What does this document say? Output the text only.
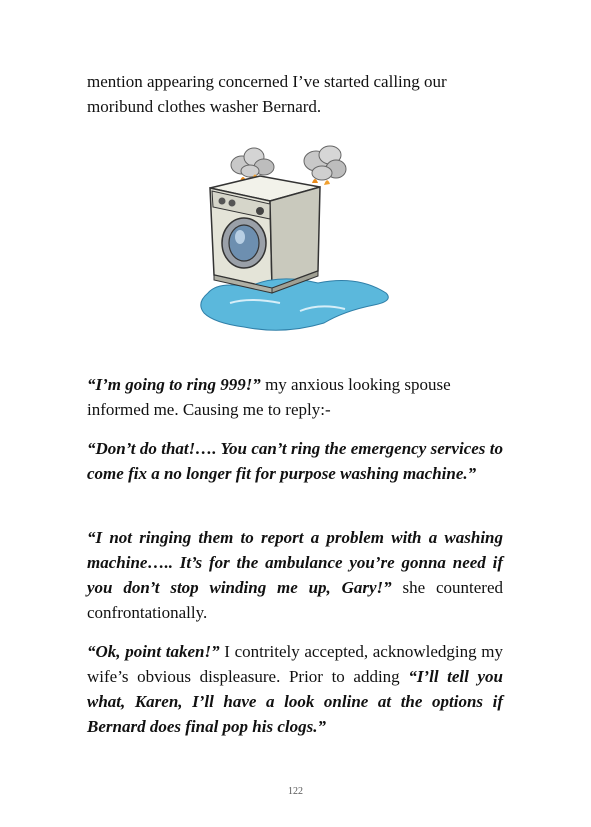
mention appearing concerned I’ve started calling our moribund clothes washer Bernard.

“I’m going to ring 999!” my anxious looking spouse informed me. Causing me to reply:-

“Don’t do that!…. You can’t ring the emergency services to come fix a no longer fit for purpose washing machine.”

“I not ringing them to report a problem with a washing machine….. It’s for the ambulance you’re gonna need if you don’t stop winding me up, Gary!” she countered confrontationally.

“Ok, point taken!” I contritely accepted, acknowledging my wife’s obvious displeasure. Prior to adding “I’ll tell you what, Karen, I’ll have a look online at the options if Bernard does final pop his clogs.”

122
